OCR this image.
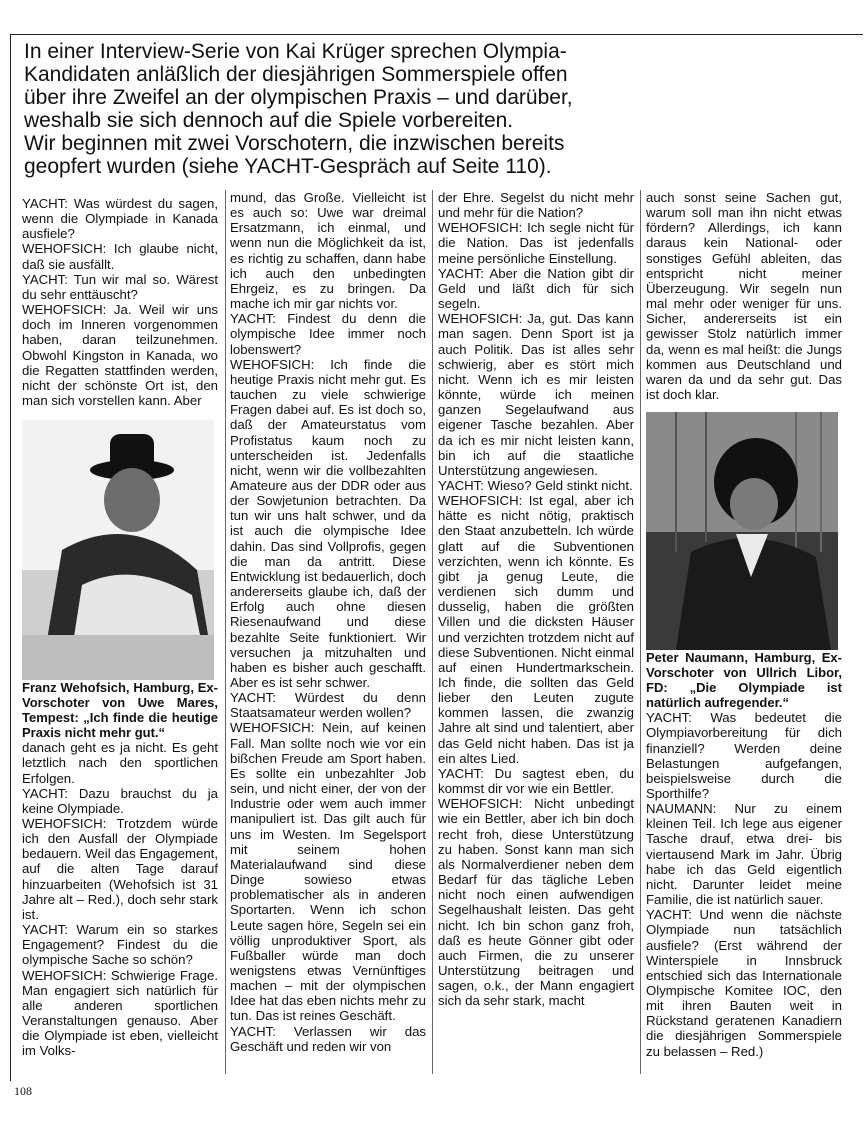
In einer Interview-Serie von Kai Krüger sprechen Olympia-

Kandidaten anläßlich der diesjährigen Sommerspiele offen

über ihre Zweifel an der olympischen Praxis – und darüber,

weshalb sie sich dennoch auf die Spiele vorbereiten.

Wir beginnen mit zwei Vorschotern, die inzwischen bereits

geopfert wurden (siehe YACHT-Gespräch auf Seite 110).

YACHT: Was würdest du sagen, wenn die Olympiade in Kanada ausfiele?

WEHOFSICH: Ich glaube nicht, daß sie ausfällt.

YACHT: Tun wir mal so. Wärest du sehr enttäuscht?

WEHOFSICH: Ja. Weil wir uns doch im Inneren vorgenommen haben, daran teilzunehmen. Obwohl Kingston in Kanada, wo die Regatten stattfinden werden, nicht der schönste Ort ist, den man sich vorstellen kann. Aber

Franz Wehofsich, Hamburg, Ex-Vorschoter von Uwe Mares, Tempest: „Ich finde die heutige Praxis nicht mehr gut.“

danach geht es ja nicht. Es geht letztlich nach den sportlichen Erfolgen.

YACHT: Dazu brauchst du ja keine Olympiade.

WEHOFSICH: Trotzdem würde ich den Ausfall der Olympiade bedauern. Weil das Engagement, auf die alten Tage darauf hinzuarbeiten (Wehofsich ist 31 Jahre alt – Red.), doch sehr stark ist.

YACHT: Warum ein so starkes Engagement? Findest du die olympische Sache so schön?

WEHOFSICH: Schwierige Frage. Man engagiert sich natürlich für alle anderen sportlichen Veranstaltungen genauso. Aber die Olympiade ist eben, vielleicht im Volks-

mund, das Große. Vielleicht ist es auch so: Uwe war dreimal Ersatzmann, ich einmal, und wenn nun die Möglichkeit da ist, es richtig zu schaffen, dann habe ich auch den unbedingten Ehrgeiz, es zu bringen. Da mache ich mir gar nichts vor.

YACHT: Findest du denn die olympische Idee immer noch lobenswert?

WEHOFSICH: Ich finde die heutige Praxis nicht mehr gut. Es tauchen zu viele schwierige Fragen dabei auf. Es ist doch so, daß der Amateurstatus vom Profistatus kaum noch zu unterscheiden ist. Jedenfalls nicht, wenn wir die vollbezahlten Amateure aus der DDR oder aus der Sowjetunion betrachten. Da tun wir uns halt schwer, und da ist auch die olympische Idee dahin. Das sind Vollprofis, gegen die man da antritt. Diese Entwicklung ist bedauerlich, doch andererseits glaube ich, daß der Erfolg auch ohne diesen Riesenaufwand und diese bezahlte Seite funktioniert. Wir versuchen ja mitzuhalten und haben es bisher auch geschafft. Aber es ist sehr schwer.

YACHT: Würdest du denn Staatsamateur werden wollen?

WEHOFSICH: Nein, auf keinen Fall. Man sollte noch wie vor ein bißchen Freude am Sport haben. Es sollte ein unbezahlter Job sein, und nicht einer, der von der Industrie oder wem auch immer manipuliert ist. Das gilt auch für uns im Westen. Im Segelsport mit seinem hohen Materialaufwand sind diese Dinge sowieso etwas problematischer als in anderen Sportarten. Wenn ich schon Leute sagen höre, Segeln sei ein völlig unproduktiver Sport, als Fußballer würde man doch wenigstens etwas Vernünftiges machen – mit der olympischen Idee hat das eben nichts mehr zu tun. Das ist reines Geschäft.

YACHT: Verlassen wir das Geschäft und reden wir von

der Ehre. Segelst du nicht mehr und mehr für die Nation?

WEHOFSICH: Ich segle nicht für die Nation. Das ist jedenfalls meine persönliche Einstellung.

YACHT: Aber die Nation gibt dir Geld und läßt dich für sich segeln.

WEHOFSICH: Ja, gut. Das kann man sagen. Denn Sport ist ja auch Politik. Das ist alles sehr schwierig, aber es stört mich nicht. Wenn ich es mir leisten könnte, würde ich meinen ganzen Segelaufwand aus eigener Tasche bezahlen. Aber da ich es mir nicht leisten kann, bin ich auf die staatliche Unterstützung angewiesen.

YACHT: Wieso? Geld stinkt nicht.

WEHOFSICH: Ist egal, aber ich hätte es nicht nötig, praktisch den Staat anzubetteln. Ich würde glatt auf die Subventionen verzichten, wenn ich könnte. Es gibt ja genug Leute, die verdienen sich dumm und dusselig, haben die größten Villen und die dicksten Häuser und verzichten trotzdem nicht auf diese Subventionen. Nicht einmal auf einen Hundertmarkschein. Ich finde, die sollten das Geld lieber den Leuten zugute kommen lassen, die zwanzig Jahre alt sind und talentiert, aber das Geld nicht haben. Das ist ja ein altes Lied.

YACHT: Du sagtest eben, du kommst dir vor wie ein Bettler.

WEHOFSICH: Nicht unbedingt wie ein Bettler, aber ich bin doch recht froh, diese Unterstützung zu haben. Sonst kann man sich als Normalverdiener neben dem Bedarf für das tägliche Leben nicht noch einen aufwendigen Segelhaushalt leisten. Das geht nicht. Ich bin schon ganz froh, daß es heute Gönner gibt oder auch Firmen, die zu unserer Unterstützung beitragen und sagen, o.k., der Mann engagiert sich da sehr stark, macht

auch sonst seine Sachen gut, warum soll man ihn nicht etwas fördern? Allerdings, ich kann daraus kein National- oder sonstiges Gefühl ableiten, das entspricht nicht meiner Überzeugung. Wir segeln nun mal mehr oder weniger für uns. Sicher, andererseits ist ein gewisser Stolz natürlich immer da, wenn es mal heißt: die Jungs kommen aus Deutschland und waren da und da sehr gut. Das ist doch klar.

Peter Naumann, Hamburg, Ex-Vorschoter von Ullrich Libor, FD: „Die Olympiade ist natürlich aufregender.“

YACHT: Was bedeutet die Olympiavorbereitung für dich finanziell? Werden deine Belastungen aufgefangen, beispielsweise durch die Sporthilfe?

NAUMANN: Nur zu einem kleinen Teil. Ich lege aus eigener Tasche drauf, etwa drei- bis viertausend Mark im Jahr. Übrig habe ich das Geld eigentlich nicht. Darunter leidet meine Familie, die ist natürlich sauer.

YACHT: Und wenn die nächste Olympiade nun tatsächlich ausfiele? (Erst während der Winterspiele in Innsbruck entschied sich das Internationale Olympische Komitee IOC, den mit ihren Bauten weit in Rückstand geratenen Kanadiern die diesjährigen Sommerspiele zu belassen – Red.)

108
